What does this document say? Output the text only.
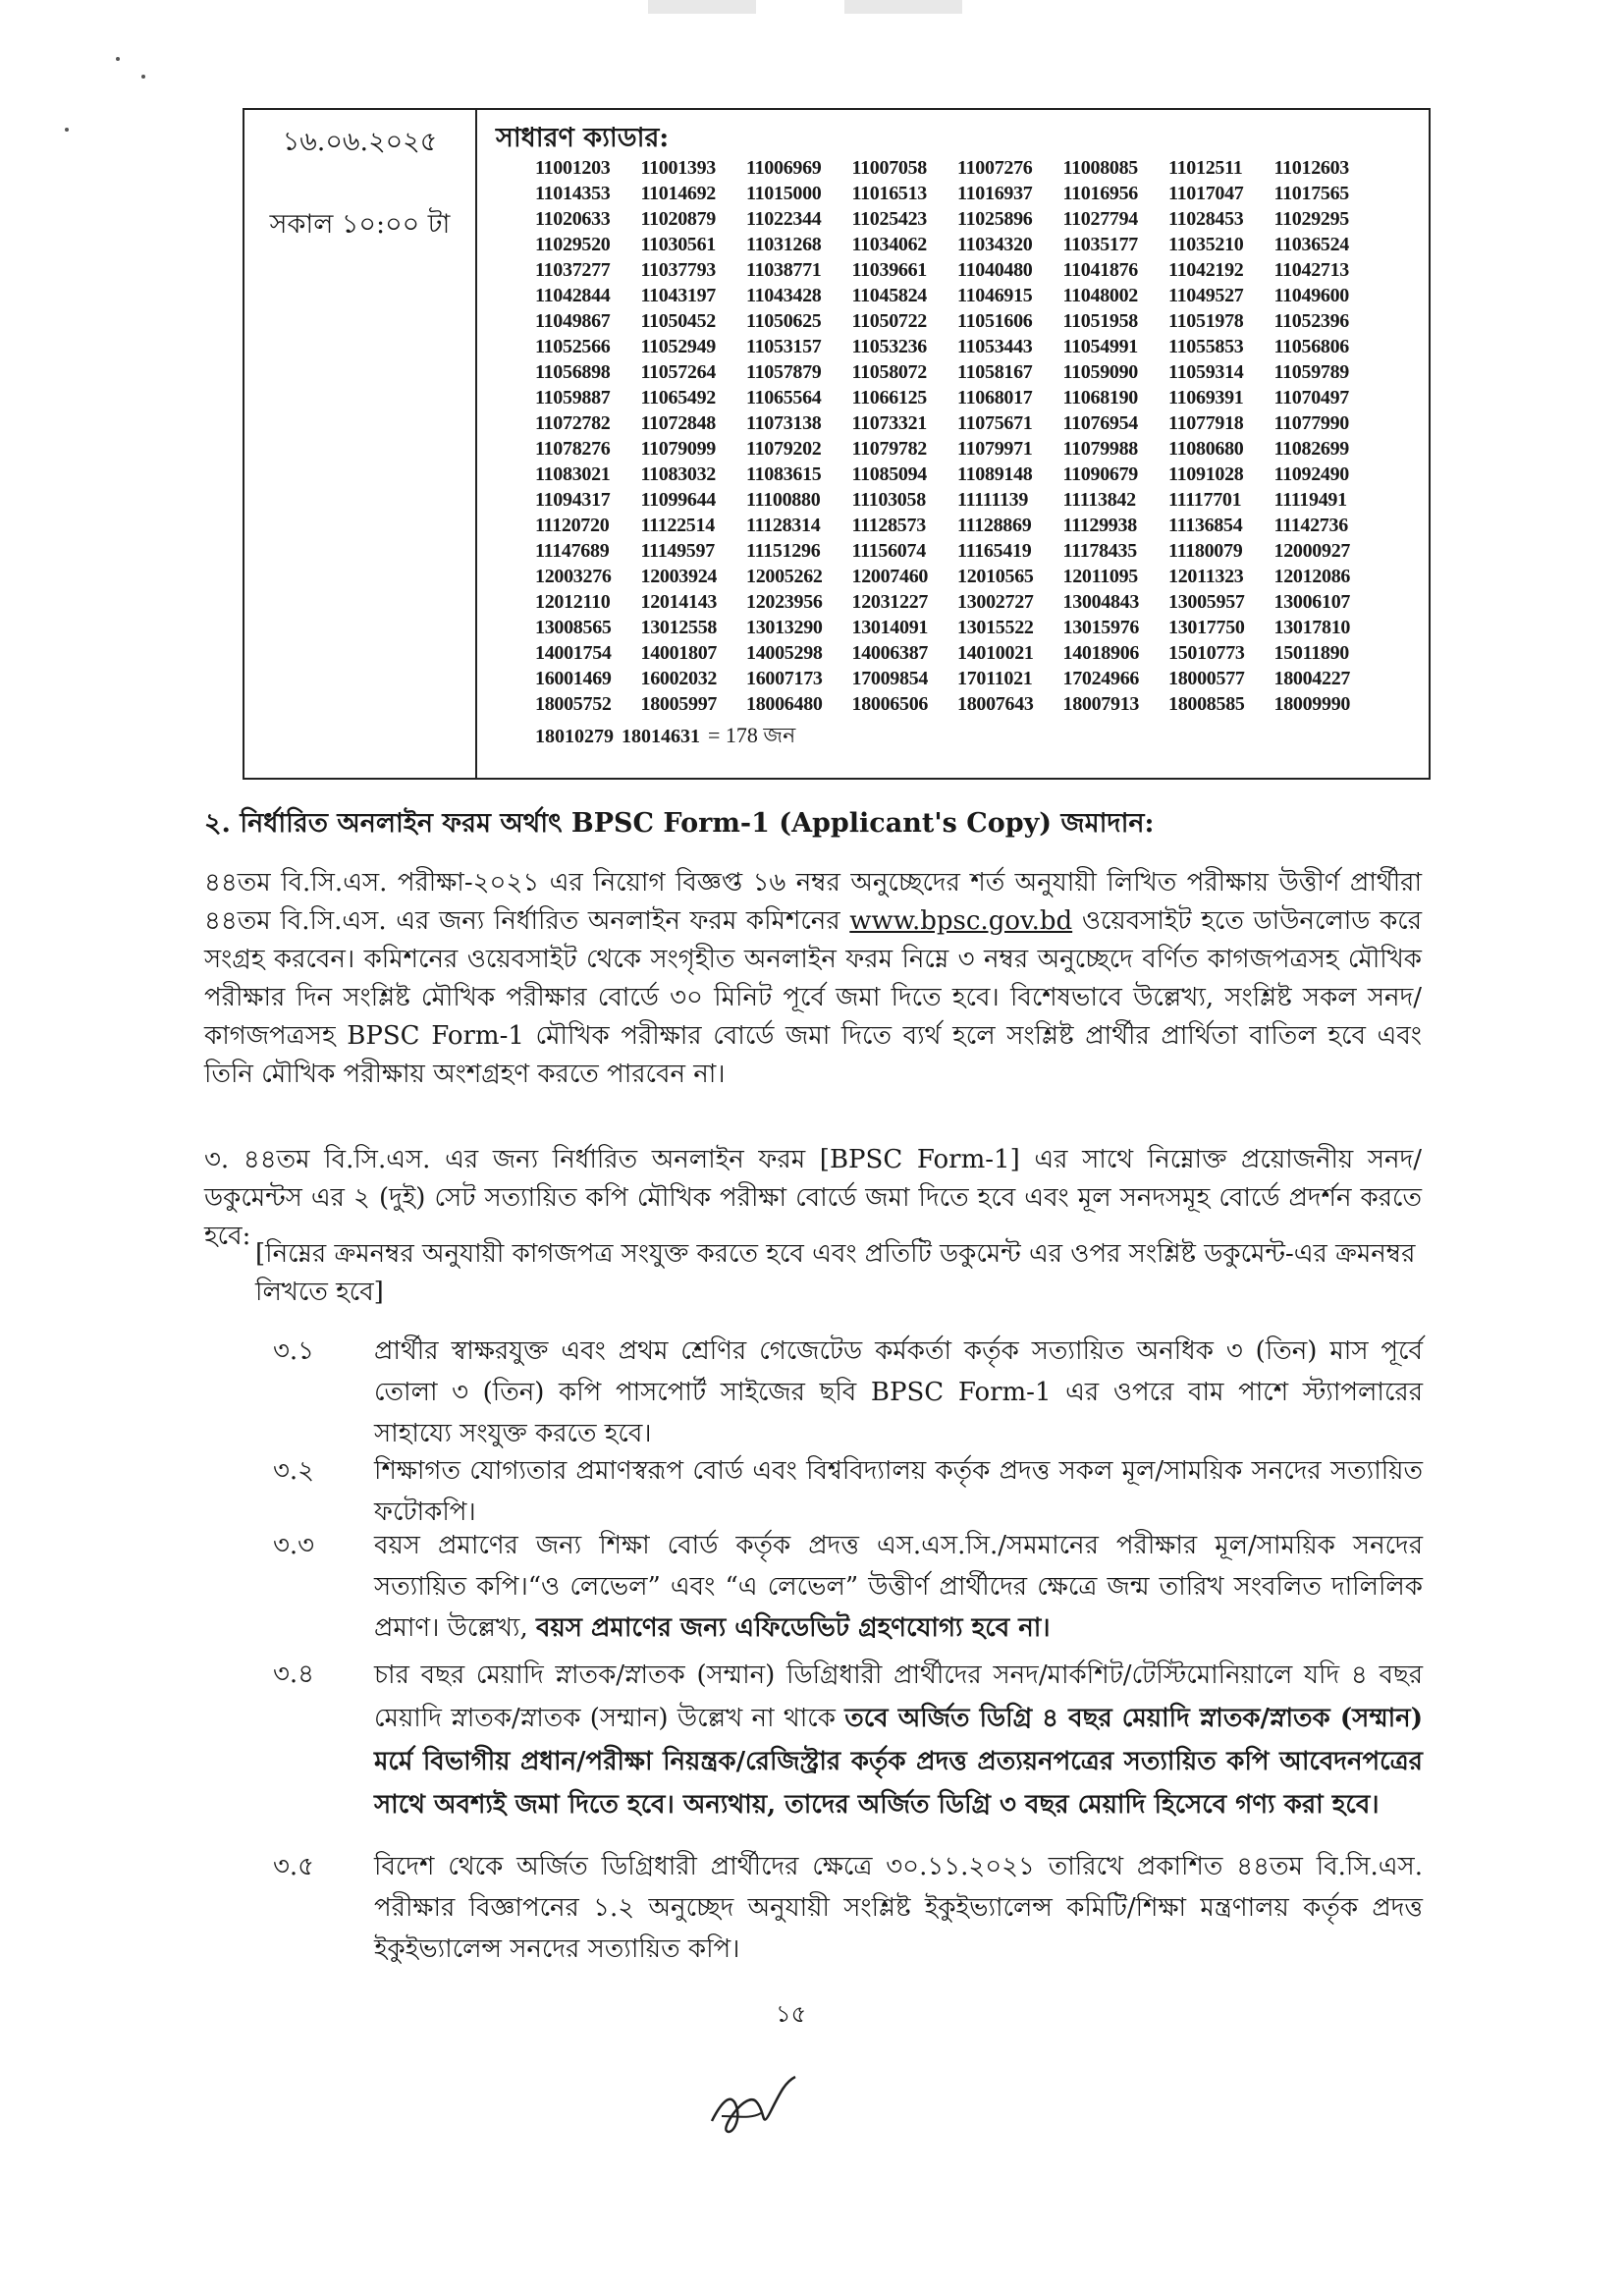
১৬.০৬.২০২৫
সকাল ১০:০০ টা
সাধারণ ক্যাডার:
11001203	11001393	11006969	11007058	11007276	11008085	11012511	11012603
11014353	11014692	11015000	11016513	11016937	11016956	11017047	11017565
11020633	11020879	11022344	11025423	11025896	11027794	11028453	11029295
11029520	11030561	11031268	11034062	11034320	11035177	11035210	11036524
11037277	11037793	11038771	11039661	11040480	11041876	11042192	11042713
11042844	11043197	11043428	11045824	11046915	11048002	11049527	11049600
11049867	11050452	11050625	11050722	11051606	11051958	11051978	11052396
11052566	11052949	11053157	11053236	11053443	11054991	11055853	11056806
11056898	11057264	11057879	11058072	11058167	11059090	11059314	11059789
11059887	11065492	11065564	11066125	11068017	11068190	11069391	11070497
11072782	11072848	11073138	11073321	11075671	11076954	11077918	11077990
11078276	11079099	11079202	11079782	11079971	11079988	11080680	11082699
11083021	11083032	11083615	11085094	11089148	11090679	11091028	11092490
11094317	11099644	11100880	11103058	11111139	11113842	11117701	11119491
11120720	11122514	11128314	11128573	11128869	11129938	11136854	11142736
11147689	11149597	11151296	11156074	11165419	11178435	11180079	12000927
12003276	12003924	12005262	12007460	12010565	12011095	12011323	12012086
12012110	12014143	12023956	12031227	13002727	13004843	13005957	13006107
13008565	13012558	13013290	13014091	13015522	13015976	13017750	13017810
14001754	14001807	14005298	14006387	14010021	14018906	15010773	15011890
16001469	16002032	16007173	17009854	17011021	17024966	18000577	18004227
18005752	18005997	18006480	18006506	18007643	18007913	18008585	18009990
18010279 18014631 = 178 জন
২. নির্ধারিত অনলাইন ফরম অর্থাৎ BPSC Form-1 (Applicant's Copy) জমাদান:
৪৪তম বি.সি.এস. পরীক্ষা-২০২১ এর নিয়োগ বিজ্ঞপ্ত ১৬ নম্বর অনুচ্ছেদের শর্ত অনুযায়ী লিখিত পরীক্ষায় উত্তীর্ণ প্রার্থীরা ৪৪তম বি.সি.এস. এর জন্য নির্ধারিত অনলাইন ফরম কমিশনের www.bpsc.gov.bd ওয়েবসাইট হতে ডাউনলোড করে সংগ্রহ করবেন। কমিশনের ওয়েবসাইট থেকে সংগৃহীত অনলাইন ফরম নিম্নে ৩ নম্বর অনুচ্ছেদে বর্ণিত কাগজপত্রসহ মৌখিক পরীক্ষার দিন সংশ্লিষ্ট মৌখিক পরীক্ষার বোর্ডে ৩০ মিনিট পূর্বে জমা দিতে হবে। বিশেষভাবে উল্লেখ্য, সংশ্লিষ্ট সকল সনদ/কাগজপত্রসহ BPSC Form-1 মৌখিক পরীক্ষার বোর্ডে জমা দিতে ব্যর্থ হলে সংশ্লিষ্ট প্রার্থীর প্রার্থিতা বাতিল হবে এবং তিনি মৌখিক পরীক্ষায় অংশগ্রহণ করতে পারবেন না।
৩. ৪৪তম বি.সি.এস. এর জন্য নির্ধারিত অনলাইন ফরম [BPSC Form-1] এর সাথে নিম্নোক্ত প্রয়োজনীয় সনদ/ডকুমেন্টস এর ২ (দুই) সেট সত্যায়িত কপি মৌখিক পরীক্ষা বোর্ডে জমা দিতে হবে এবং মূল সনদসমূহ বোর্ডে প্রদর্শন করতে হবে:
[নিম্নের ক্রমনম্বর অনুযায়ী কাগজপত্র সংযুক্ত করতে হবে এবং প্রতিটি ডকুমেন্ট এর ওপর সংশ্লিষ্ট ডকুমেন্ট-এর ক্রমনম্বর লিখতে হবে]
৩.১ প্রার্থীর স্বাক্ষরযুক্ত এবং প্রথম শ্রেণির গেজেটেড কর্মকর্তা কর্তৃক সত্যায়িত অনধিক ৩ (তিন) মাস পূর্বে তোলা ৩ (তিন) কপি পাসপোর্ট সাইজের ছবি BPSC Form-1 এর ওপরে বাম পাশে স্ট্যাপলারের সাহায্যে সংযুক্ত করতে হবে।
৩.২ শিক্ষাগত যোগ্যতার প্রমাণস্বরূপ বোর্ড এবং বিশ্ববিদ্যালয় কর্তৃক প্রদত্ত সকল মূল/সাময়িক সনদের সত্যায়িত ফটোকপি।
৩.৩ বয়স প্রমাণের জন্য শিক্ষা বোর্ড কর্তৃক প্রদত্ত এস.এস.সি./সমমানের পরীক্ষার মূল/সাময়িক সনদের সত্যায়িত কপি।“ও লেভেল” এবং “এ লেভেল” উত্তীর্ণ প্রার্থীদের ক্ষেত্রে জন্ম তারিখ সংবলিত দালিলিক প্রমাণ। উল্লেখ্য, বয়স প্রমাণের জন্য এফিডেভিট গ্রহণযোগ্য হবে না।
৩.৪ চার বছর মেয়াদি স্নাতক/স্নাতক (সম্মান) ডিগ্রিধারী প্রার্থীদের সনদ/মার্কশিট/টেস্টিমোনিয়ালে যদি ৪ বছর মেয়াদি স্নাতক/স্নাতক (সম্মান) উল্লেখ না থাকে তবে অর্জিত ডিগ্রি ৪ বছর মেয়াদি স্নাতক/স্নাতক (সম্মান) মর্মে বিভাগীয় প্রধান/পরীক্ষা নিয়ন্ত্রক/রেজিস্ট্রার কর্তৃক প্রদত্ত প্রত্যয়নপত্রের সত্যায়িত কপি আবেদনপত্রের সাথে অবশ্যই জমা দিতে হবে। অন্যথায়, তাদের অর্জিত ডিগ্রি ৩ বছর মেয়াদি হিসেবে গণ্য করা হবে।
৩.৫ বিদেশ থেকে অর্জিত ডিগ্রিধারী প্রার্থীদের ক্ষেত্রে ৩০.১১.২০২১ তারিখে প্রকাশিত ৪৪তম বি.সি.এস. পরীক্ষার বিজ্ঞাপনের ১.২ অনুচ্ছেদ অনুযায়ী সংশ্লিষ্ট ইকুইভ্যালেন্স কমিটি/শিক্ষা মন্ত্রণালয় কর্তৃক প্রদত্ত ইকুইভ্যালেন্স সনদের সত্যায়িত কপি।
১৫
